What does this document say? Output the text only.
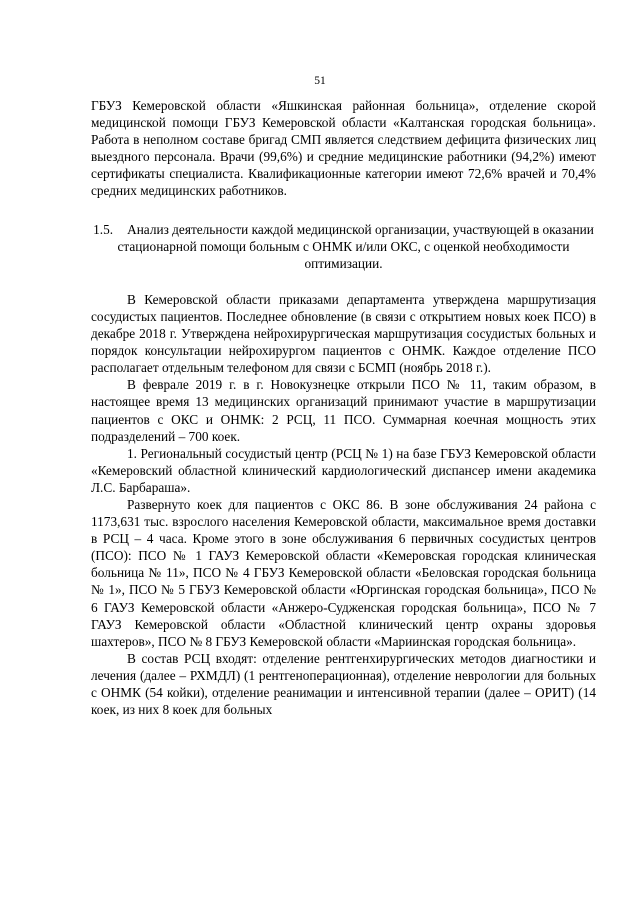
51

ГБУЗ Кемеровской области «Яшкинская районная больница», отделение скорой медицинской помощи ГБУЗ Кемеровской области «Калтанская городская больница». Работа в неполном составе бригад СМП является следствием дефицита физических лиц выездного персонала. Врачи (99,6%) и средние медицинские работники (94,2%) имеют сертификаты специалиста. Квалификационные категории имеют 72,6% врачей и 70,4% средних медицинских работников.

1.5. Анализ деятельности каждой медицинской организации, участвующей в оказании стационарной помощи больным с ОНМК и/или ОКС, с оценкой необходимости оптимизации.

В Кемеровской области приказами департамента утверждена маршрутизация сосудистых пациентов. Последнее обновление (в связи с открытием новых коек ПСО) в декабре 2018 г. Утверждена нейрохирургическая маршрутизация сосудистых больных и порядок консультации нейрохирургом пациентов с ОНМК. Каждое отделение ПСО располагает отдельным телефоном для связи с БСМП (ноябрь 2018 г.).

В феврале 2019 г. в г. Новокузнецке открыли ПСО № 11, таким образом, в настоящее время 13 медицинских организаций принимают участие в маршрутизации пациентов с ОКС и ОНМК: 2 РСЦ, 11 ПСО. Суммарная коечная мощность этих подразделений – 700 коек.

1. Региональный сосудистый центр (РСЦ № 1) на базе ГБУЗ Кемеровской области «Кемеровский областной клинический кардиологический диспансер имени академика Л.С. Барбараша».

Развернуто коек для пациентов с ОКС 86. В зоне обслуживания 24 района с 1173,631 тыс. взрослого населения Кемеровской области, максимальное время доставки в РСЦ – 4 часа. Кроме этого в зоне обслуживания 6 первичных сосудистых центров (ПСО): ПСО № 1 ГАУЗ Кемеровской области «Кемеровская городская клиническая больница № 11», ПСО № 4 ГБУЗ Кемеровской области «Беловская городская больница № 1», ПСО № 5 ГБУЗ Кемеровской области «Юргинская городская больница», ПСО № 6 ГАУЗ Кемеровской области «Анжеро-Судженская городская больница», ПСО № 7 ГАУЗ Кемеровской области «Областной клинический центр охраны здоровья шахтеров», ПСО № 8 ГБУЗ Кемеровской области «Мариинская городская больница».

В состав РСЦ входят: отделение рентгенхирургических методов диагностики и лечения (далее – РХМДЛ) (1 рентгеноперационная), отделение неврологии для больных с ОНМК (54 койки), отделение реанимации и интенсивной терапии (далее – ОРИТ) (14 коек, из них 8 коек для больных
